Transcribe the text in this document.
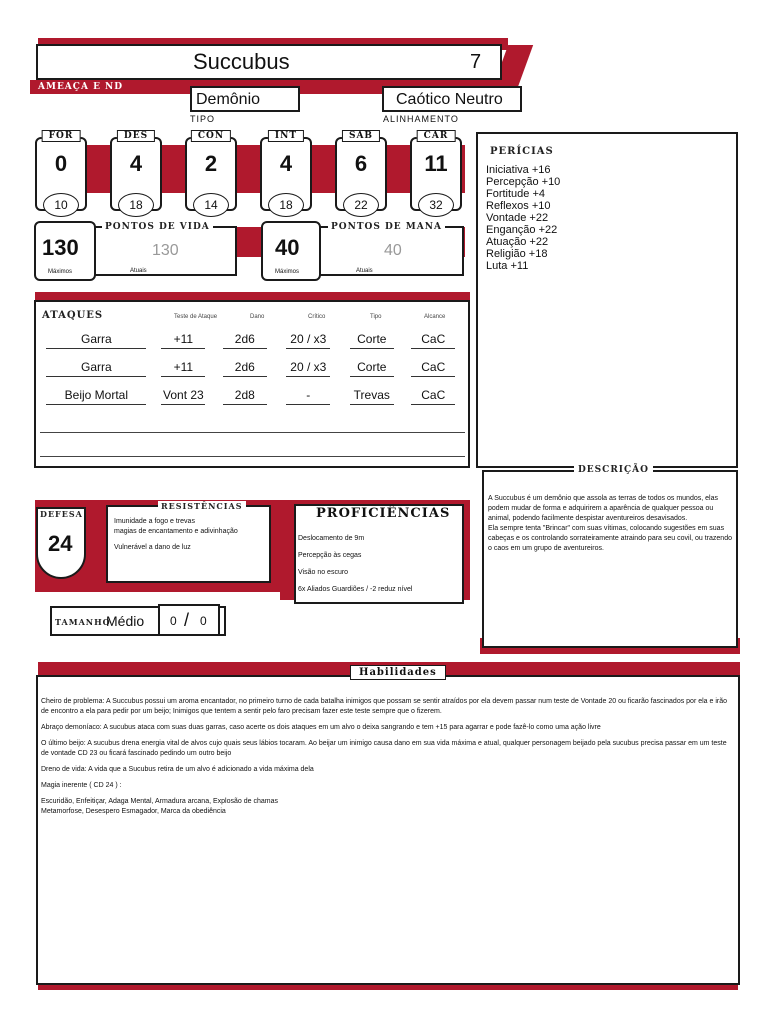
Succubus	7
AMEAÇA E ND
Demônio
TIPO
Caótico Neutro
ALINHAMENTO
FOR
0
10
DES
4
18
CON
2
14
INT
4
18
SAB
6
22
CAR
11
32
PONTOS DE VIDA
130
Atuais
130
Máximos
PONTOS DE MANA
40
Atuais
40
Máximos
PERÍCIAS
Iniciativa +16
Percepção +10
Fortitude +4
Reflexos +10
Vontade +22
Enganção +22
Atuação +22
Religião +18
Luta +11
ATAQUES	Teste de Ataque	Dano	Crítico	Tipo	Alcance
Garra	+11	2d6	20 / x3	Corte	CaC
Garra	+11	2d6	20 / x3	Corte	CaC
Beijo Mortal	Vont 23	2d8	-	Trevas	CaC
DESCRIÇÃO
A Succubus é um demônio que assola as terras de todos os mundos, elas podem mudar de forma e adquirirem a aparência de qualquer pessoa ou animal, podendo facilmente despistar aventureiros desavisados.
Ela sempre tenta "Brincar" com suas vítimas, colocando sugestões em suas cabeças e os controlando sorrateiramente atraindo para seu covil, ou trazendo o caos em um grupo de aventureiros.
DEFESA
24
RESISTÊNCIAS
Imunidade a fogo e trevas
magias de encantamento e adivinhação
Vulnerável a dano de luz
PROFICIÊNCIAS
Deslocamento de 9m
Percepção às cegas
Visão no escuro
6x Aliados Guardiões / -2 reduz nível
TAMANHO
Médio 0 / 0
Habilidades
Cheiro de problema: A Succubus possui um aroma encantador, no primeiro turno de cada batalha inimigos que possam se sentir atraídos por ela devem passar num teste de Vontade 20 ou ficarão fascinados por ela e irão de encontro a ela para pedir por um beijo; Inimigos que tentem a sentir pelo faro precisam fazer este teste sempre que o fizerem.
Abraço demoníaco: A sucubus ataca com suas duas garras, caso acerte os dois ataques em um alvo o deixa sangrando e tem +15 para agarrar e pode fazê-lo como uma ação livre
O último beijo: A sucubus drena energia vital de alvos cujo quais seus lábios tocaram. Ao beijar um inimigo causa dano em sua vida máxima e atual, qualquer personagem beijado pela sucubus precisa passar em um teste de vontade CD 23 ou ficará fascinado pedindo um outro beijo
Dreno de vida: A vida que a Sucubus retira de um alvo é adicionado a vida máxima dela
Magia inerente ( CD 24 ) :
Escuridão, Enfeitiçar, Adaga Mental, Armadura arcana, Explosão de chamas
Metamorfose, Desespero Esmagador, Marca da obediência
